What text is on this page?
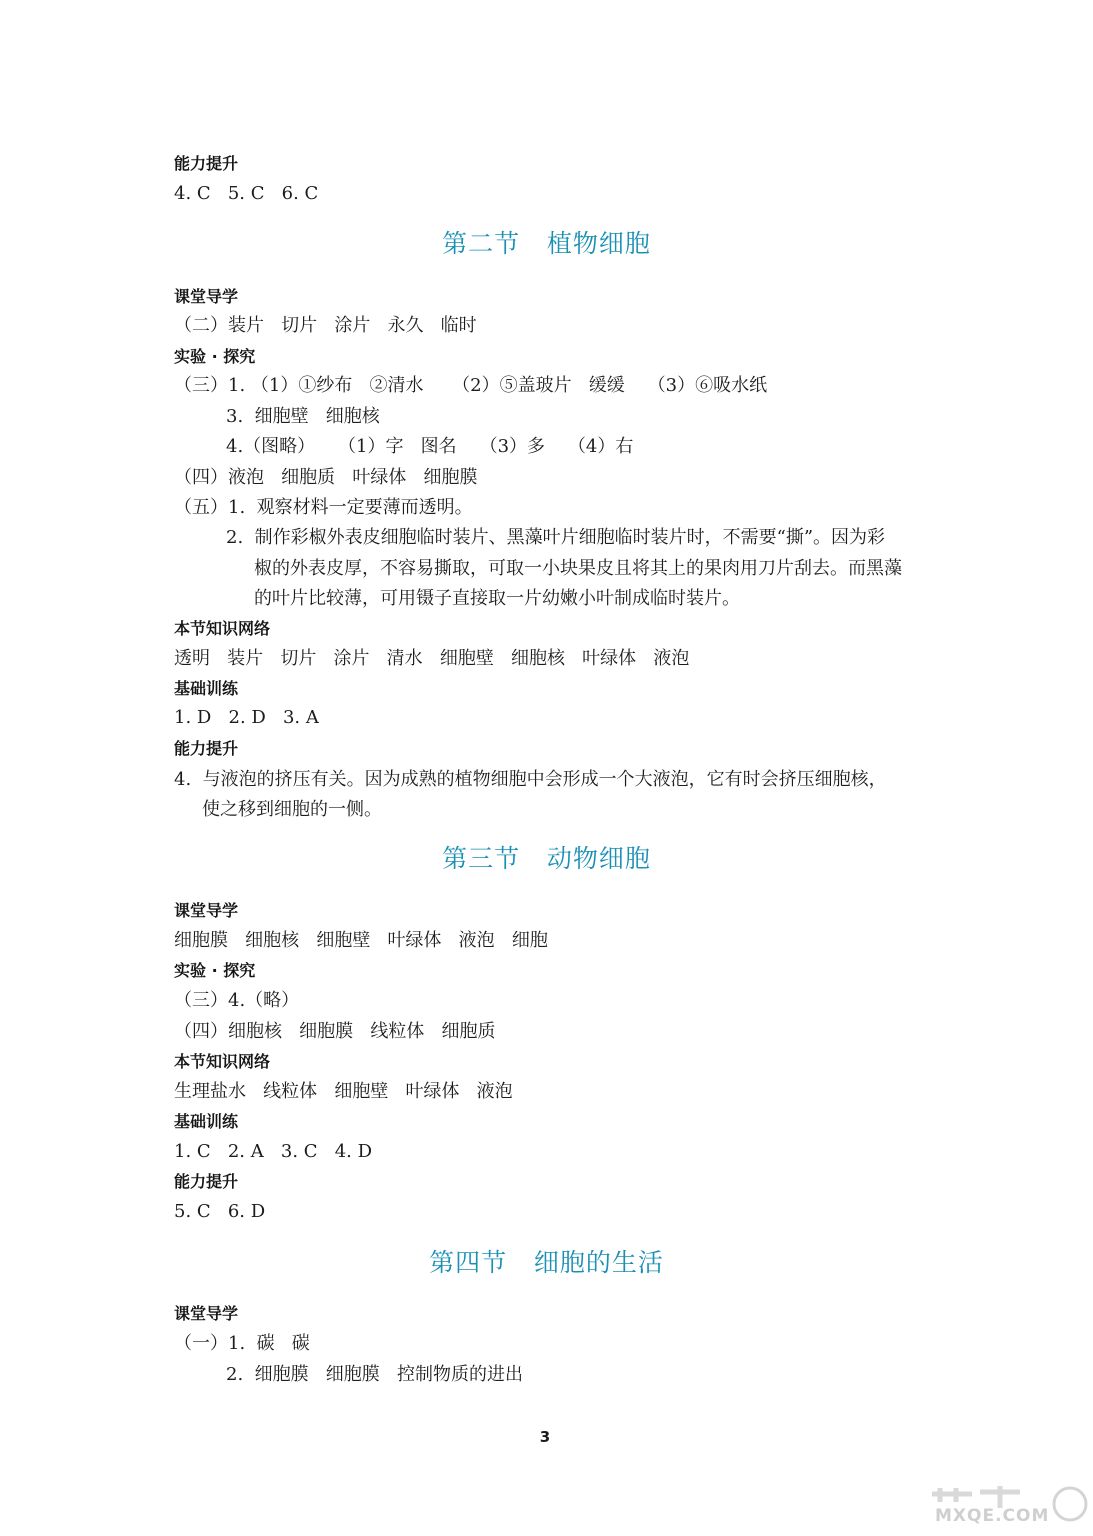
能力提升
4. C   5. C   6. C
第二节   植物细胞
课堂导学
（二）装片   切片   涂片   永久   临时
实验 · 探究
（三）1. （1）①纱布   ②清水     （2）⑤盖玻片   缓缓    （3）⑥吸水纸
3.  细胞壁   细胞核
4.（图略）    （1）字   图名    （3）多    （4）右
（四）液泡   细胞质   叶绿体   细胞膜
（五）1.  观察材料一定要薄而透明。
2.  制作彩椒外表皮细胞临时装片、黑藻叶片细胞临时装片时，不需要“撕”。因为彩
椒的外表皮厚，不容易撕取，可取一小块果皮且将其上的果肉用刀片刮去。而黑藻
的叶片比较薄，可用镊子直接取一片幼嫩小叶制成临时装片。
本节知识网络
透明   装片   切片   涂片   清水   细胞壁   细胞核   叶绿体   液泡
基础训练
1. D   2. D   3. A
能力提升
4.  与液泡的挤压有关。因为成熟的植物细胞中会形成一个大液泡，它有时会挤压细胞核，
使之移到细胞的一侧。
第三节   动物细胞
课堂导学
细胞膜   细胞核   细胞壁   叶绿体   液泡   细胞
实验 · 探究
（三）4.（略）
（四）细胞核   细胞膜   线粒体   细胞质
本节知识网络
生理盐水   线粒体   细胞壁   叶绿体   液泡
基础训练
1. C   2. A   3. C   4. D
能力提升
5. C   6. D
第四节   细胞的生活
课堂导学
（一）1.  碳   碳
2.  细胞膜   细胞膜   控制物质的进出
3
MXQE.COM
